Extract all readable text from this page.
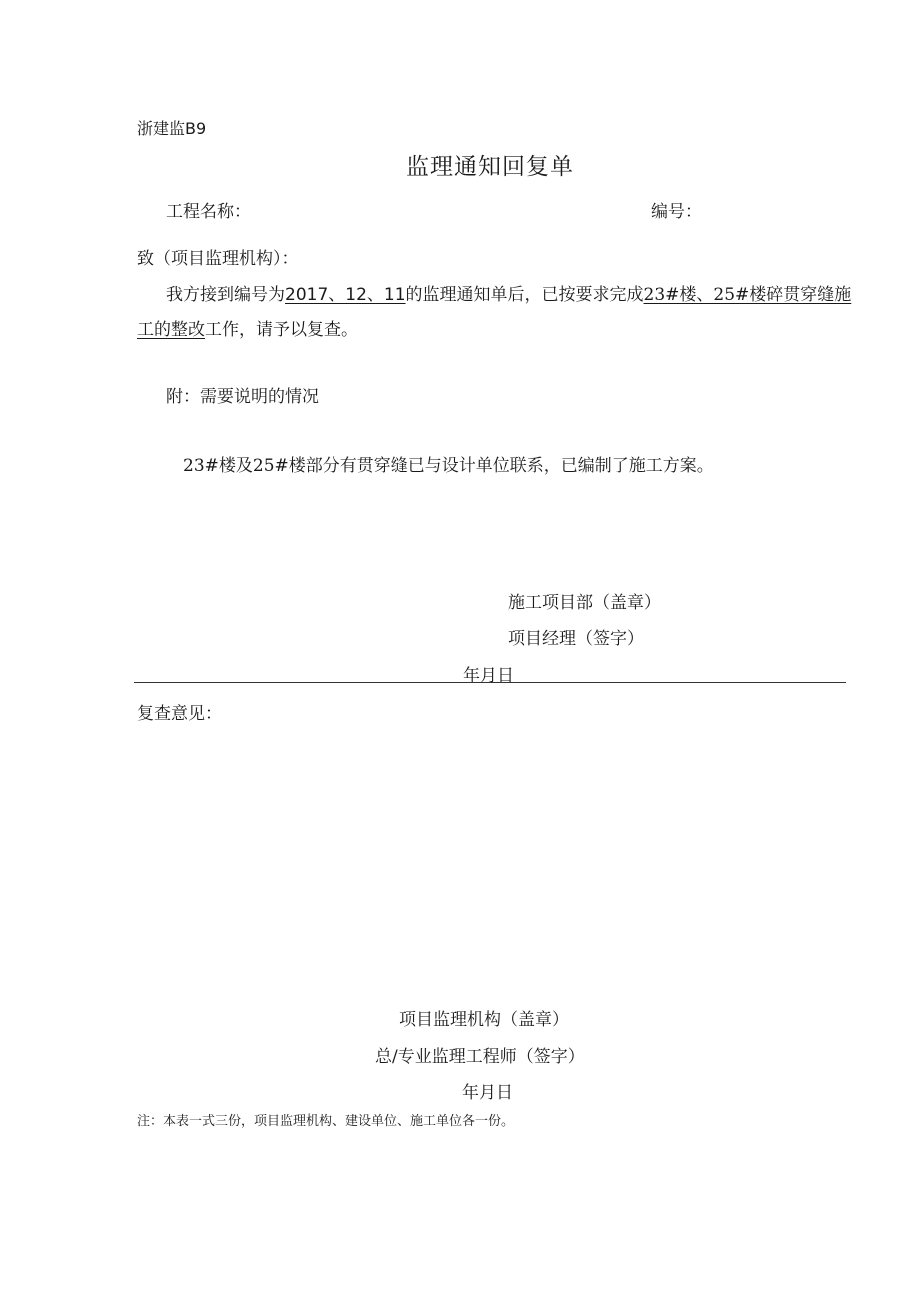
浙建监B9
监理通知回复单
工程名称：	编号：
致（项目监理机构）：
我方接到编号为2017、12、11的监理通知单后，已按要求完成23#楼、25#楼碎贯穿缝施
工的整改工作，请予以复查。
附：需要说明的情况
23#楼及25#楼部分有贯穿缝已与设计单位联系，已编制了施工方案。
施工项目部（盖章）
项目经理（签字）
年月日
复查意见：
项目监理机构（盖章）
总/专业监理工程师（签字）
年月日
注：本表一式三份，项目监理机构、建设单位、施工单位各一份。
